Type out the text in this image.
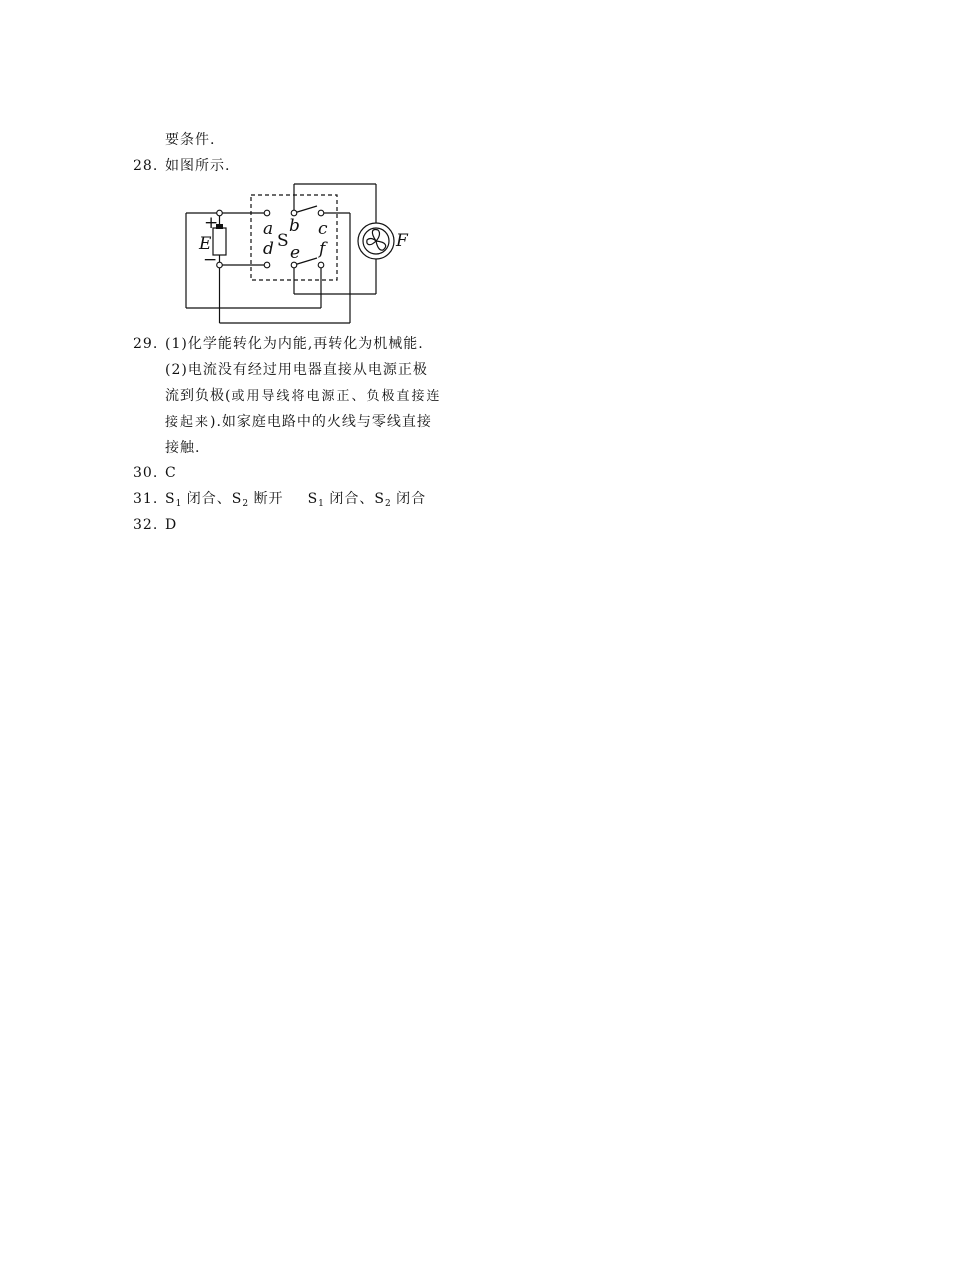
要条件.
28. 如图所示.
+
−
E
a
d S
b
e
c
f	F
29. (1)化学能转化为内能,再转化为机械能.
(2)电流没有经过用电器直接从电源正极
流到负极(或用导线将电源正、负极直接连
接起来).如家庭电路中的火线与零线直接
接触.
30. C
31. $S_1$ 闭合、$S_2$ 断开 $S_1$ 闭合、$S_2$ 闭合
32. D
